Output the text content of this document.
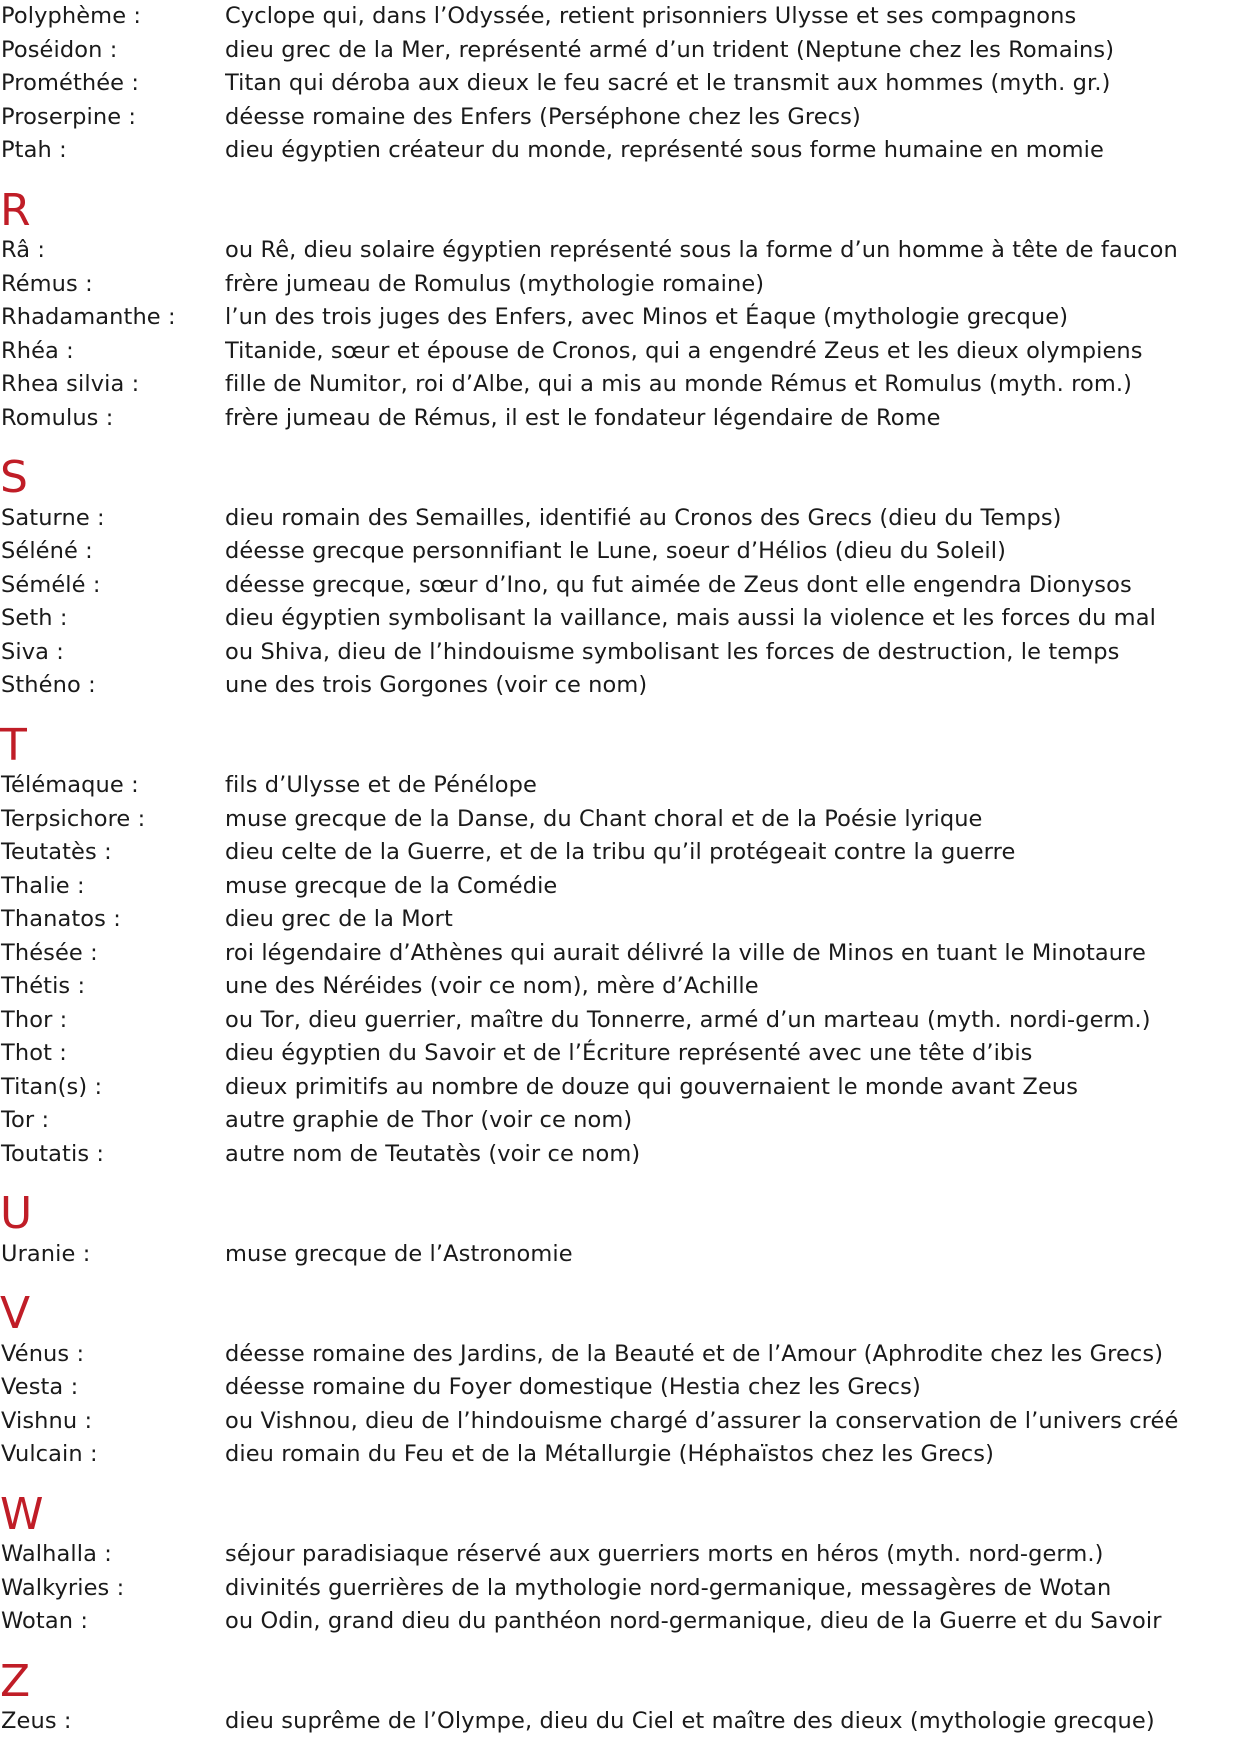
Polyphème :	Cyclope qui, dans l’Odyssée, retient prisonniers Ulysse et ses compagnons
Poséidon :	dieu grec de la Mer, représenté armé d’un trident (Neptune chez les Romains)
Prométhée :	Titan qui déroba aux dieux le feu sacré et le transmit aux hommes (myth. gr.)
Proserpine :	déesse romaine des Enfers (Perséphone chez les Grecs)
Ptah :	dieu égyptien créateur du monde, représenté sous forme humaine en momie
R
Râ :	ou Rê, dieu solaire égyptien représenté sous la forme d’un homme à tête de faucon
Rémus :	frère jumeau de Romulus (mythologie romaine)
Rhadamanthe :	l’un des trois juges des Enfers, avec Minos et Éaque (mythologie grecque)
Rhéa :	Titanide, sœur et épouse de Cronos, qui a engendré Zeus et les dieux olympiens
Rhea silvia :	fille de Numitor, roi d’Albe, qui a mis au monde Rémus et Romulus (myth. rom.)
Romulus :	frère jumeau de Rémus, il est le fondateur légendaire de Rome
S
Saturne :	dieu romain des Semailles, identifié au Cronos des Grecs (dieu du Temps)
Séléné :	déesse grecque personnifiant le Lune, soeur d’Hélios (dieu du Soleil)
Sémélé :	déesse grecque, sœur d’Ino, qu fut aimée de Zeus dont elle engendra Dionysos
Seth :	dieu égyptien symbolisant la vaillance, mais aussi la violence et les forces du mal
Siva :	ou Shiva, dieu de l’hindouisme symbolisant les forces de destruction, le temps
Sthéno :	une des trois Gorgones (voir ce nom)
T
Télémaque :	fils d’Ulysse et de Pénélope
Terpsichore :	muse grecque de la Danse, du Chant choral et de la Poésie lyrique
Teutatès :	dieu celte de la Guerre, et de la tribu qu’il protégeait contre la guerre
Thalie :	muse grecque de la Comédie
Thanatos :	dieu grec de la Mort
Thésée :	roi légendaire d’Athènes qui aurait délivré la ville de Minos en tuant le Minotaure
Thétis :	une des Néréides (voir ce nom), mère d’Achille
Thor :	ou Tor, dieu guerrier, maître du Tonnerre, armé d’un marteau (myth. nordi-germ.)
Thot :	dieu égyptien du Savoir et de l’Écriture représenté avec une tête d’ibis
Titan(s) :	dieux primitifs au nombre de douze qui gouvernaient le monde avant Zeus
Tor :	autre graphie de Thor (voir ce nom)
Toutatis :	autre nom de Teutatès (voir ce nom)
U
Uranie :	muse grecque de l’Astronomie
V
Vénus :	déesse romaine des Jardins, de la Beauté et de l’Amour (Aphrodite chez les Grecs)
Vesta :	déesse romaine du Foyer domestique (Hestia chez les Grecs)
Vishnu :	ou Vishnou, dieu de l’hindouisme chargé d’assurer la conservation de l’univers créé
Vulcain :	dieu romain du Feu et de la Métallurgie (Héphaïstos chez les Grecs)
W
Walhalla :	séjour paradisiaque réservé aux guerriers morts en héros (myth. nord-germ.)
Walkyries :	divinités guerrières de la mythologie nord-germanique, messagères de Wotan
Wotan :	ou Odin, grand dieu du panthéon nord-germanique, dieu de la Guerre et du Savoir
Z
Zeus :	dieu suprême de l’Olympe, dieu du Ciel et maître des dieux (mythologie grecque)
